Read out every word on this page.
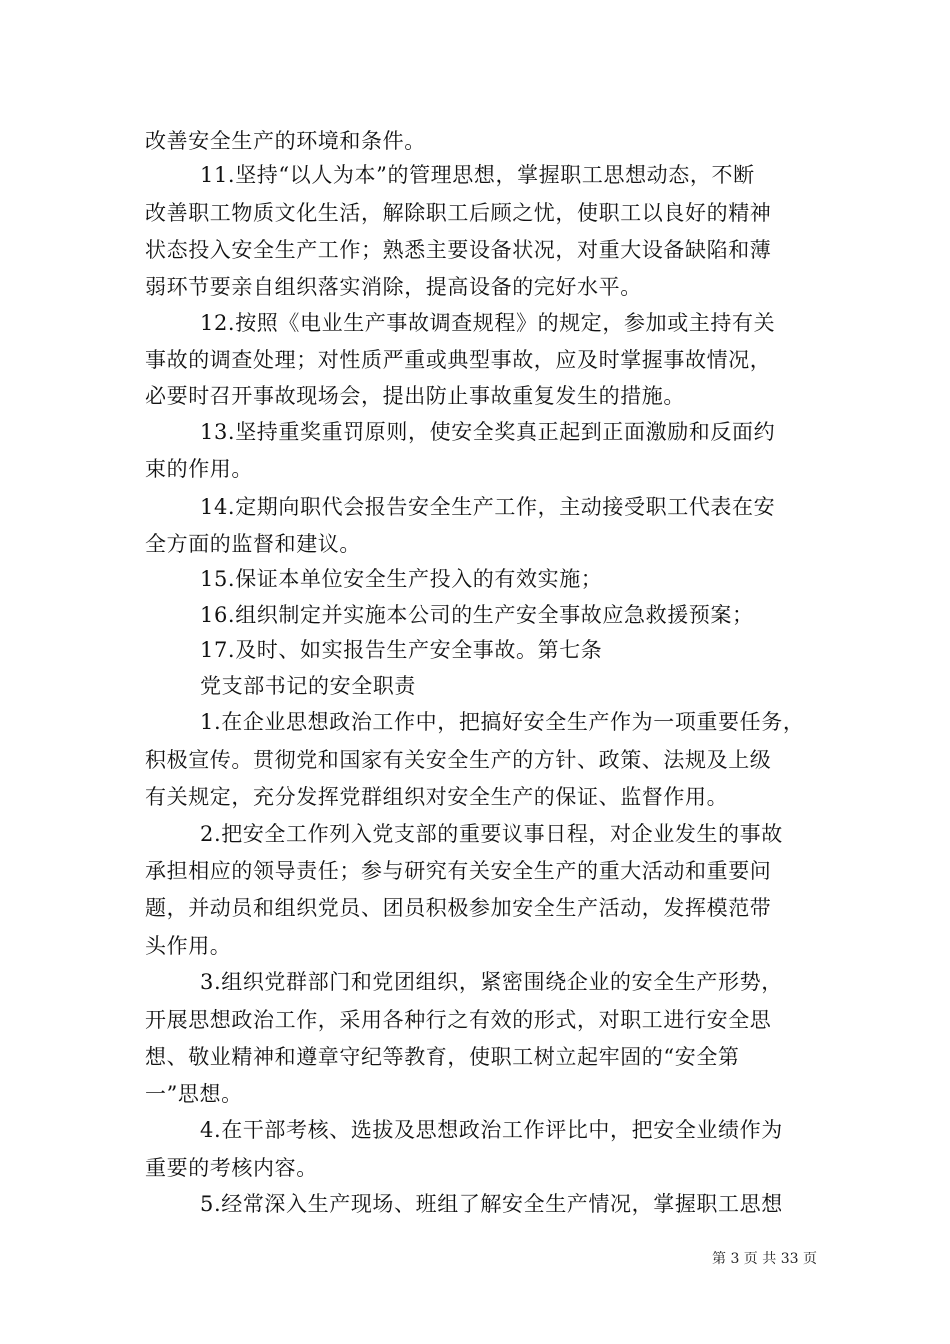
改善安全生产的环境和条件。
11.坚持“以人为本”的管理思想，掌握职工思想动态，不断
改善职工物质文化生活，解除职工后顾之忧，使职工以良好的精神
状态投入安全生产工作；熟悉主要设备状况，对重大设备缺陷和薄
弱环节要亲自组织落实消除，提高设备的完好水平。
12.按照《电业生产事故调查规程》的规定，参加或主持有关
事故的调查处理；对性质严重或典型事故，应及时掌握事故情况，
必要时召开事故现场会，提出防止事故重复发生的措施。
13.坚持重奖重罚原则，使安全奖真正起到正面激励和反面约
束的作用。
14.定期向职代会报告安全生产工作，主动接受职工代表在安
全方面的监督和建议。
15.保证本单位安全生产投入的有效实施；
16.组织制定并实施本公司的生产安全事故应急救援预案；
17.及时、如实报告生产安全事故。第七条
党支部书记的安全职责
1.在企业思想政治工作中，把搞好安全生产作为一项重要任务，
积极宣传。贯彻党和国家有关安全生产的方针、政策、法规及上级
有关规定，充分发挥党群组织对安全生产的保证、监督作用。
2.把安全工作列入党支部的重要议事日程，对企业发生的事故
承担相应的领导责任；参与研究有关安全生产的重大活动和重要问
题，并动员和组织党员、团员积极参加安全生产活动，发挥模范带
头作用。
3.组织党群部门和党团组织，紧密围绕企业的安全生产形势，
开展思想政治工作，采用各种行之有效的形式，对职工进行安全思
想、敬业精神和遵章守纪等教育，使职工树立起牢固的“安全第
一”思想。
4.在干部考核、选拔及思想政治工作评比中，把安全业绩作为
重要的考核内容。
5.经常深入生产现场、班组了解安全生产情况，掌握职工思想
第 3 页 共 33 页
